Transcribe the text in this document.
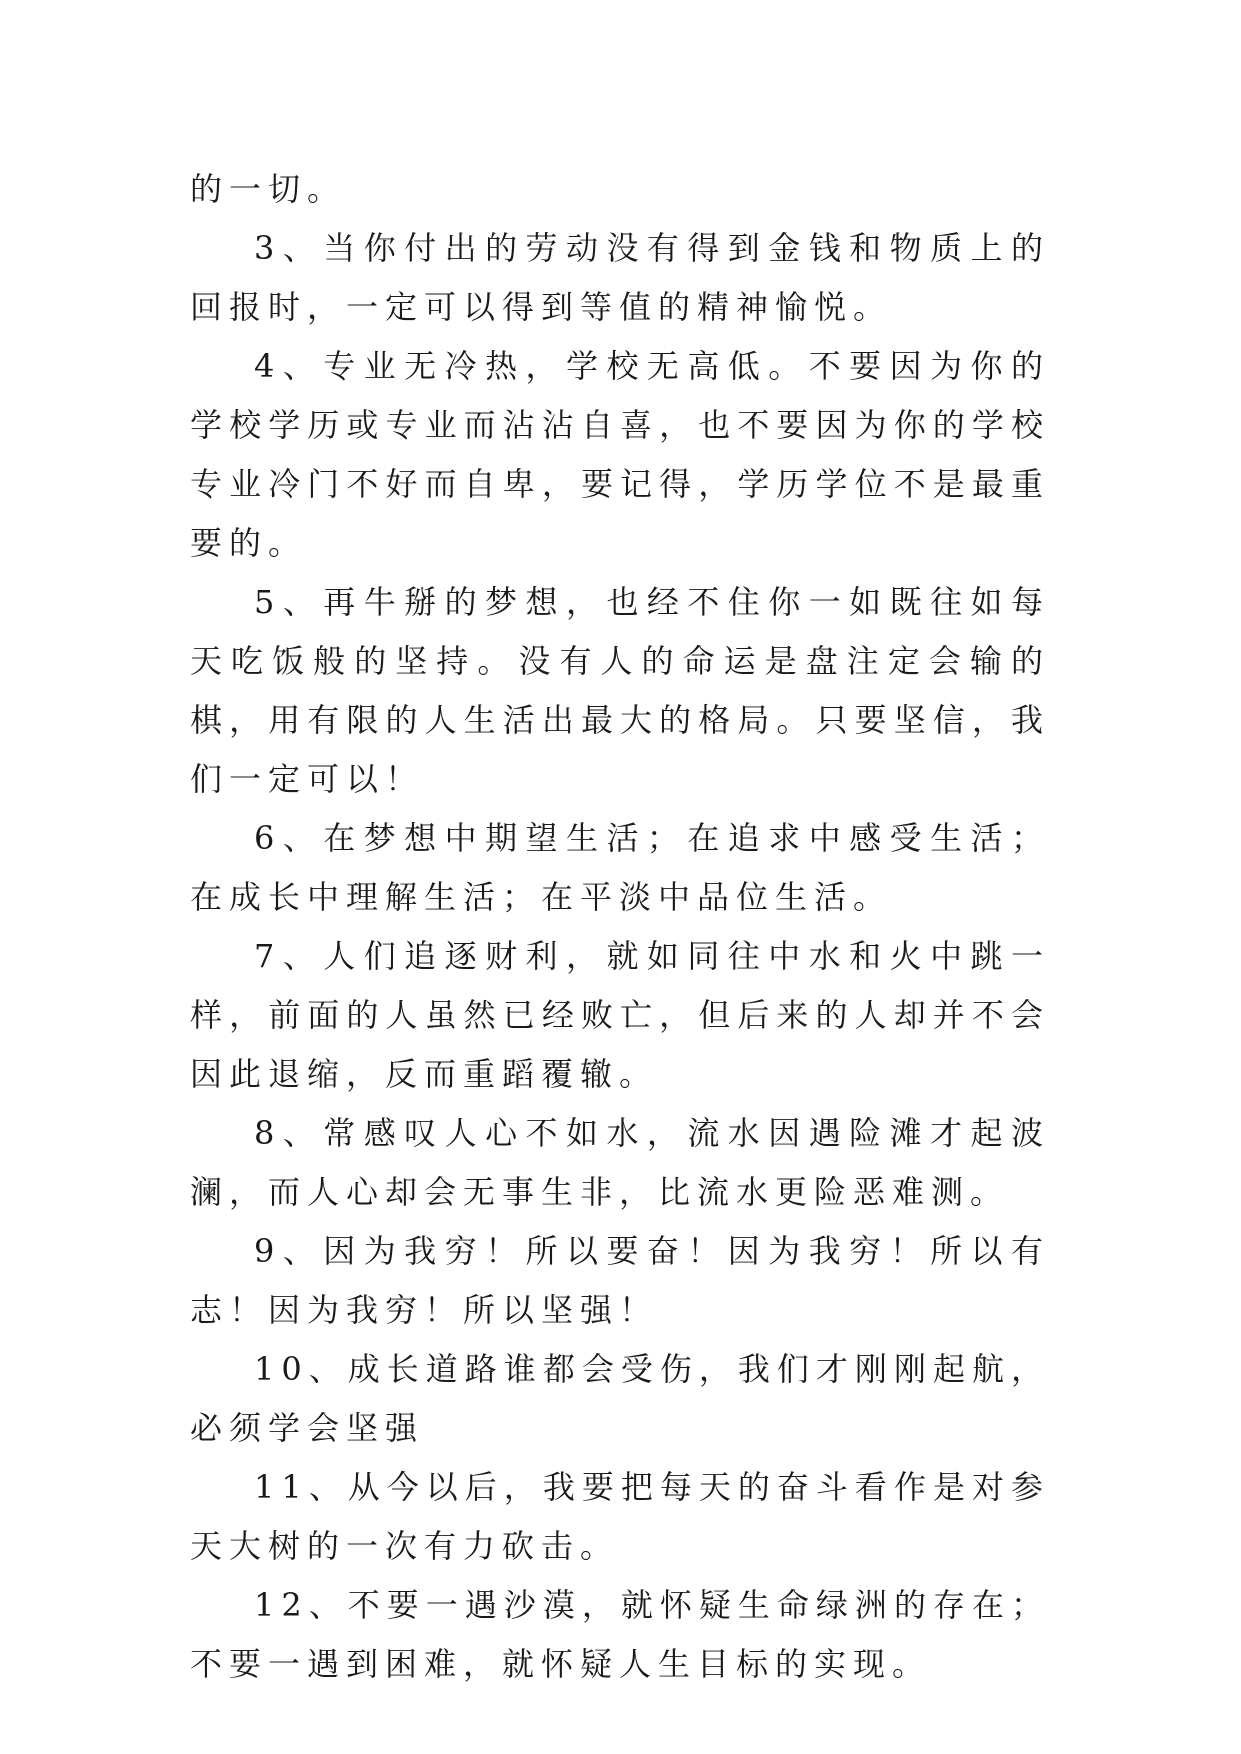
的一切。

3、当你付出的劳动没有得到金钱和物质上的回报时，一定可以得到等值的精神愉悦。

4、专业无冷热，学校无高低。不要因为你的学校学历或专业而沾沾自喜，也不要因为你的学校专业冷门不好而自卑，要记得，学历学位不是最重要的。

5、再牛掰的梦想，也经不住你一如既往如每天吃饭般的坚持。没有人的命运是盘注定会输的棋，用有限的人生活出最大的格局。只要坚信，我们一定可以！

6、在梦想中期望生活；在追求中感受生活；在成长中理解生活；在平淡中品位生活。

7、人们追逐财利，就如同往中水和火中跳一样，前面的人虽然已经败亡，但后来的人却并不会因此退缩，反而重蹈覆辙。

8、常感叹人心不如水，流水因遇险滩才起波澜，而人心却会无事生非，比流水更险恶难测。

9、因为我穷！所以要奋！因为我穷！所以有志！因为我穷！所以坚强！

10、成长道路谁都会受伤，我们才刚刚起航，必须学会坚强

11、从今以后，我要把每天的奋斗看作是对参天大树的一次有力砍击。

12、不要一遇沙漠，就怀疑生命绿洲的存在；不要一遇到困难，就怀疑人生目标的实现。
